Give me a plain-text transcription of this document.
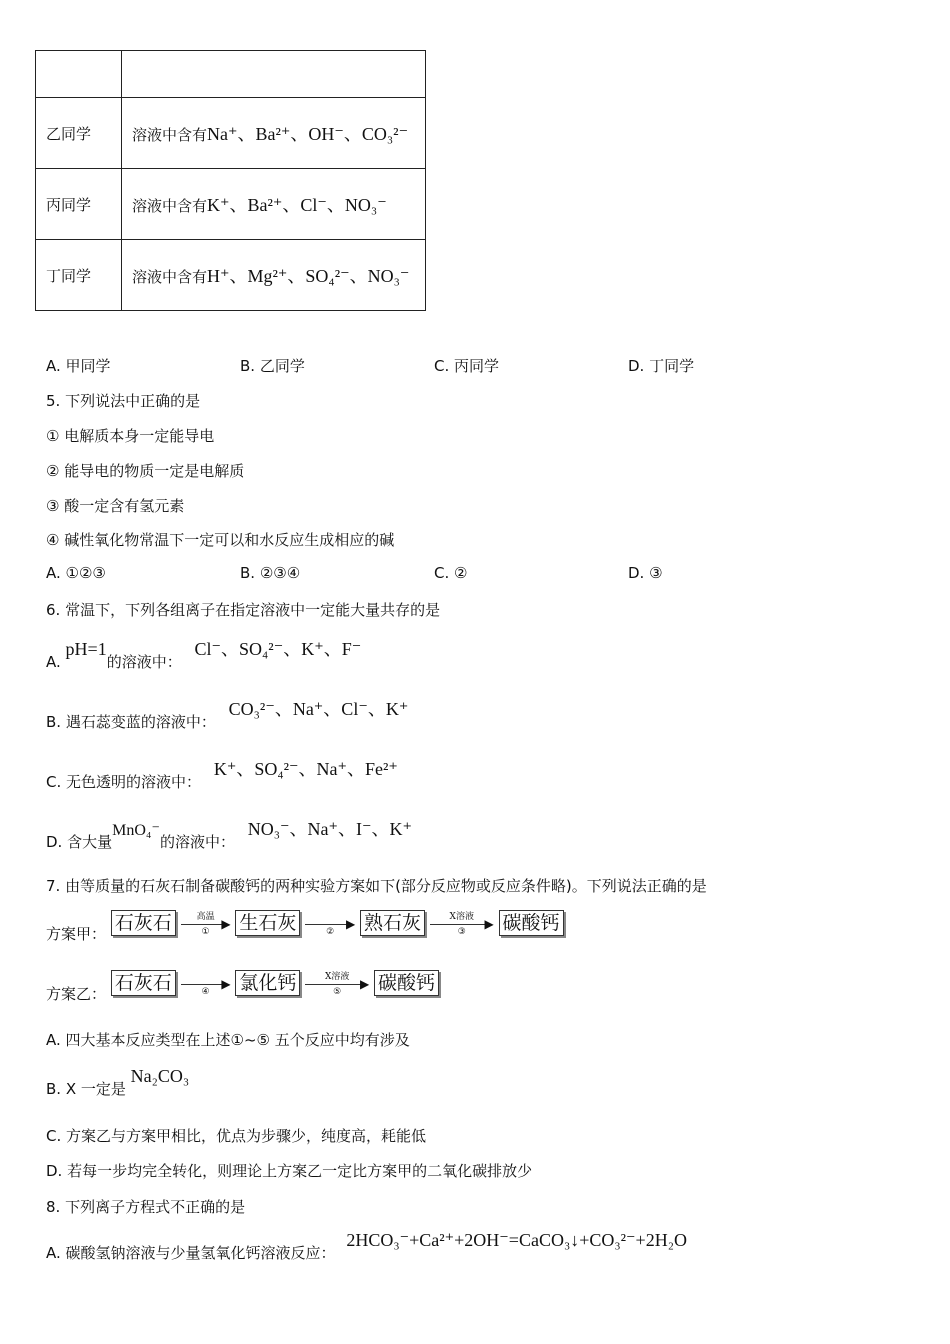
乙同学	溶液中含有Na⁺、Ba²⁺、OH⁻、CO₃²⁻
丙同学	溶液中含有K⁺、Ba²⁺、Cl⁻、NO₃⁻
丁同学	溶液中含有H⁺、Mg²⁺、SO₄²⁻、NO₃⁻
A. 甲同学	B. 乙同学	C. 丙同学	D. 丁同学
5. 下列说法中正确的是
① 电解质本身一定能导电
② 能导电的物质一定是电解质
③ 酸一定含有氢元素
④ 碱性氧化物常温下一定可以和水反应生成相应的碱
A. ①②③	B. ②③④	C. ②	D. ③
6. 常温下，下列各组离子在指定溶液中一定能大量共存的是
A. pH=1的溶液中： Cl⁻、SO₄²⁻、K⁺、F⁻
B. 遇石蕊变蓝的溶液中： CO₃²⁻、Na⁺、Cl⁻、K⁺
C. 无色透明的溶液中： K⁺、SO₄²⁻、Na⁺、Fe²⁺
D. 含大量MnO₄⁻的溶液中： NO₃⁻、Na⁺、I⁻、K⁺
7. 由等质量的石灰石制备碳酸钙的两种实验方案如下(部分反应物或反应条件略)。下列说法正确的是
方案甲： 石灰石	高温 ▶
①	生石灰	▶
②	熟石灰	X溶液 ▶
③	碳酸钙
方案乙： 石灰石	▶
④	氯化钙	X溶液 ▶
⑤	碳酸钙
A. 四大基本反应类型在上述①~⑤ 五个反应中均有涉及
B. X 一定是 Na₂CO₃
C. 方案乙与方案甲相比，优点为步骤少，纯度高，耗能低
D. 若每一步均完全转化，则理论上方案乙一定比方案甲的二氧化碳排放少
8. 下列离子方程式不正确的是
A. 碳酸氢钠溶液与少量氢氧化钙溶液反应： 2HCO₃⁻+Ca²⁺+2OH⁻=CaCO₃↓+CO₃²⁻+2H₂O
